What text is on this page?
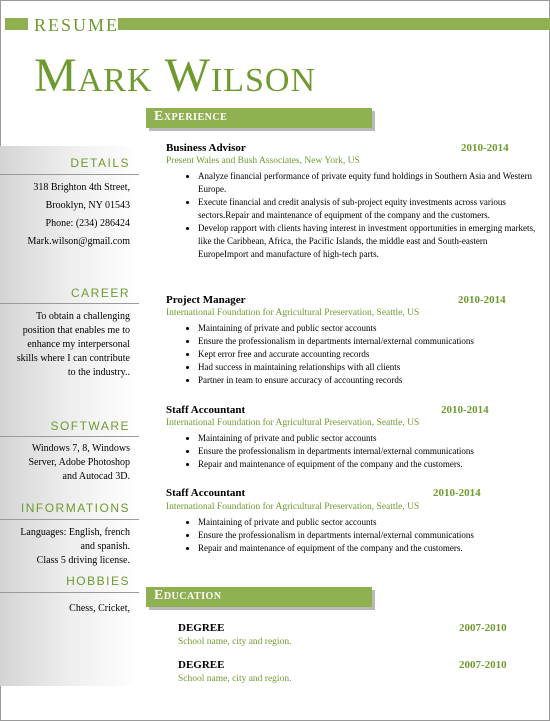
RESUME
Mark Wilson
DETAILS
318 Brighton 4th Street,
Brooklyn, NY 01543
Phone: (234) 286424
Mark.wilson@gmail.com
CAREER
To obtain a challenging
position that enables me to
enhance my interpersonal
skills where I can contribute
to the industry..
SOFTWARE
Windows 7, 8, Windows
Server, Adobe Photoshop
and Autocad 3D.
INFORMATIONS
Languages: English, french
and spanish.
Class 5 driving license.
HOBBIES
Chess, Cricket,
Experience
Business Advisor	2010-2014
Present Wales and Bush Associates, New York, US
• Analyze financial performance of private equity fund holdings in Southern Asia and Western Europe.
• Execute financial and credit analysis of sub-project equity investments across various sectors.Repair and maintenance of equipment of the company and the customers.
• Develop rapport with clients having interest in investment opportunities in emerging markets, like the Caribbean, Africa, the Pacific Islands, the middle east and South-eastern EuropeImport and manufacture of high-tech parts.
Project Manager	2010-2014
International Foundation for Agricultural Preservation, Seattle, US
• Maintaining of private and public sector accounts
• Ensure the professionalism in departments internal/external communications
• Kept error free and accurate accounting records
• Had success in maintaining relationships with all clients
• Partner in team to ensure accuracy of accounting records
Staff Accountant	2010-2014
International Foundation for Agricultural Preservation, Seattle, US
• Maintaining of private and public sector accounts
• Ensure the professionalism in departments internal/external communications
• Repair and maintenance of equipment of the company and the customers.
Staff Accountant	2010-2014
International Foundation for Agricultural Preservation, Seattle, US
• Maintaining of private and public sector accounts
• Ensure the professionalism in departments internal/external communications
• Repair and maintenance of equipment of the company and the customers.
Education
DEGREE	2007-2010
School name, city and region.
DEGREE	2007-2010
School name, city and region.
